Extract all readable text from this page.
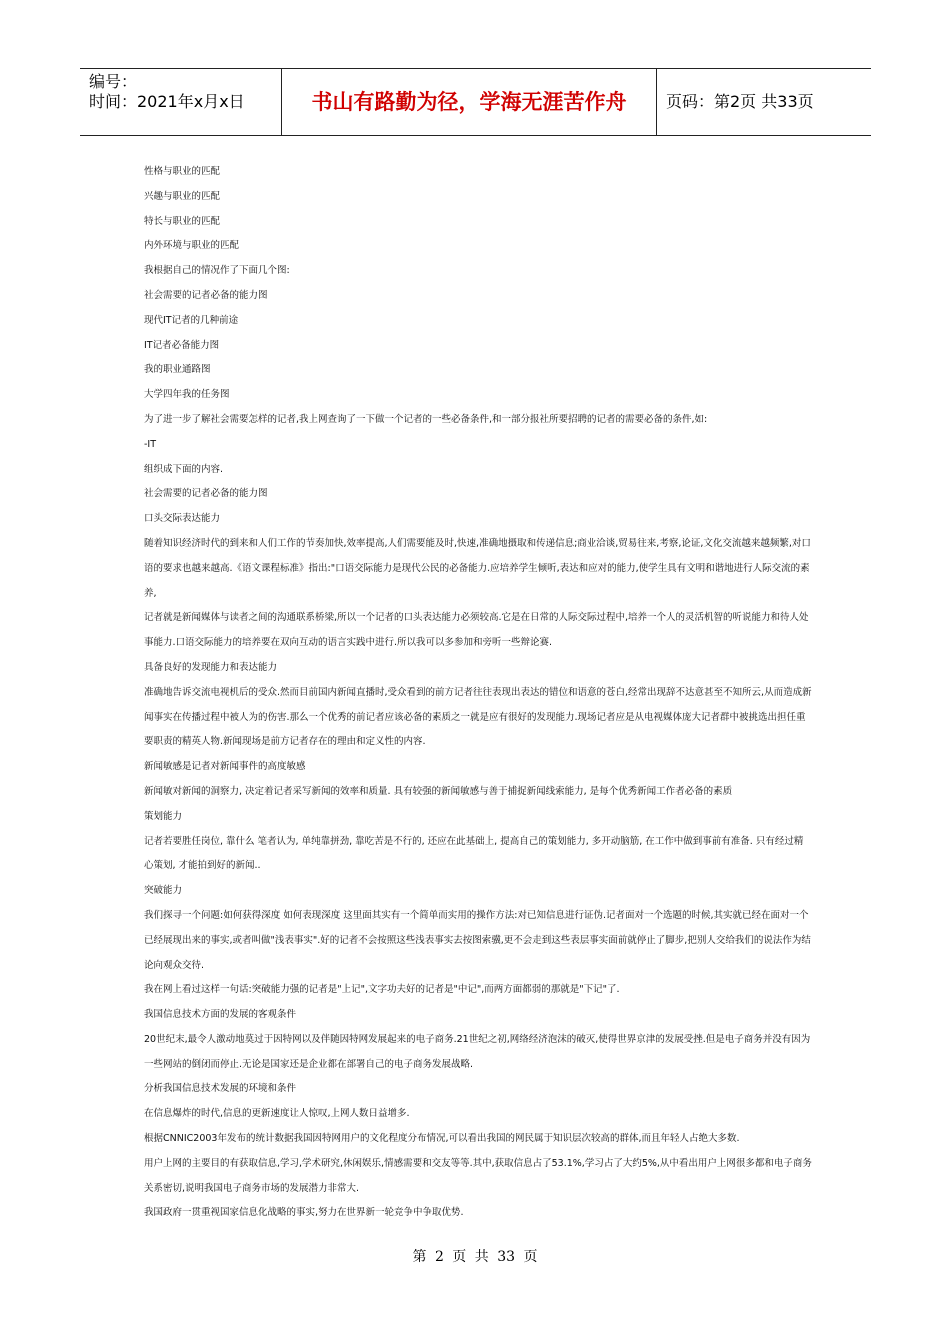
编号：
时间：2021年x月x日	书山有路勤为径，学海无涯苦作舟	页码：第2页 共33页

性格与职业的匹配

兴趣与职业的匹配

特长与职业的匹配

内外环境与职业的匹配

我根据自己的情况作了下面几个图:

社会需要的记者必备的能力图

现代IT记者的几种前途

IT记者必备能力图

我的职业通路图

大学四年我的任务图

为了进一步了解社会需要怎样的记者,我上网查询了一下做一个记者的一些必备条件,和一部分报社所要招聘的记者的需要必备的条件,如:

-IT

组织成下面的内容.

社会需要的记者必备的能力图

口头交际表达能力

随着知识经济时代的到来和人们工作的节奏加快,效率提高,人们需要能及时,快速,准确地摄取和传递信息;商业洽谈,贸易往来,考察,论证,文化交流越来越频繁,对口语的要求也越来越高.《语文课程标准》指出:"口语交际能力是现代公民的必备能力.应培养学生倾听,表达和应对的能力,使学生具有文明和谐地进行人际交流的素养,

记者就是新闻媒体与读者之间的沟通联系桥梁,所以一个记者的口头表达能力必须较高.它是在日常的人际交际过程中,培养一个人的灵活机智的听说能力和待人处事能力.口语交际能力的培养要在双向互动的语言实践中进行.所以我可以多参加和旁听一些辩论赛.

具备良好的发现能力和表达能力

准确地告诉交流电视机后的受众.然而目前国内新闻直播时,受众看到的前方记者往往表现出表达的错位和语意的苍白,经常出现辞不达意甚至不知所云,从而造成新闻事实在传播过程中被人为的伤害.那么一个优秀的前记者应该必备的素质之一就是应有很好的发现能力.现场记者应是从电视媒体庞大记者群中被挑选出担任重要职责的精英人物.新闻现场是前方记者存在的理由和定义性的内容.

新闻敏感是记者对新闻事件的高度敏感

新闻敏对新闻的洞察力, 决定着记者采写新闻的效率和质量. 具有较强的新闻敏感与善于捕捉新闻线索能力, 是每个优秀新闻工作者必备的素质

策划能力

记者若要胜任岗位, 靠什么 笔者认为, 单纯靠拼劲, 靠吃苦是不行的, 还应在此基础上, 提高自己的策划能力, 多开动脑筋, 在工作中做到事前有准备. 只有经过精心策划, 才能拍到好的新闻..

突破能力

我们探寻一个问题:如何获得深度 如何表现深度 这里面其实有一个简单而实用的操作方法:对已知信息进行证伪.记者面对一个选题的时候,其实就已经在面对一个已经展现出来的事实,或者叫做"浅表事实".好的记者不会按照这些浅表事实去按图索骥,更不会走到这些表层事实面前就停止了脚步,把别人交给我们的说法作为结论向观众交待.

我在网上看过这样一句话:突破能力强的记者是"上记",文字功夫好的记者是"中记",而两方面都弱的那就是"下记"了.

我国信息技术方面的发展的客观条件

20世纪末,最令人激动地莫过于因特网以及伴随因特网发展起来的电子商务.21世纪之初,网络经济泡沫的破灭,使得世界京津的发展受挫.但是电子商务并没有因为一些网站的倒闭而停止.无论是国家还是企业都在部署自己的电子商务发展战略.

分析我国信息技术发展的环境和条件

在信息爆炸的时代,信息的更新速度让人惊叹,上网人数日益增多.

根据CNNIC2003年发布的统计数据我国因特网用户的文化程度分布情况,可以看出我国的网民属于知识层次较高的群体,而且年轻人占绝大多数.

用户上网的主要目的有获取信息,学习,学术研究,休闲娱乐,情感需要和交友等等.其中,获取信息占了53.1%,学习占了大约5%,从中看出用户上网很多都和电子商务关系密切,说明我国电子商务市场的发展潜力非常大.

我国政府一贯重视国家信息化战略的事实,努力在世界新一轮竞争中争取优势.

第 2 页 共 33 页
